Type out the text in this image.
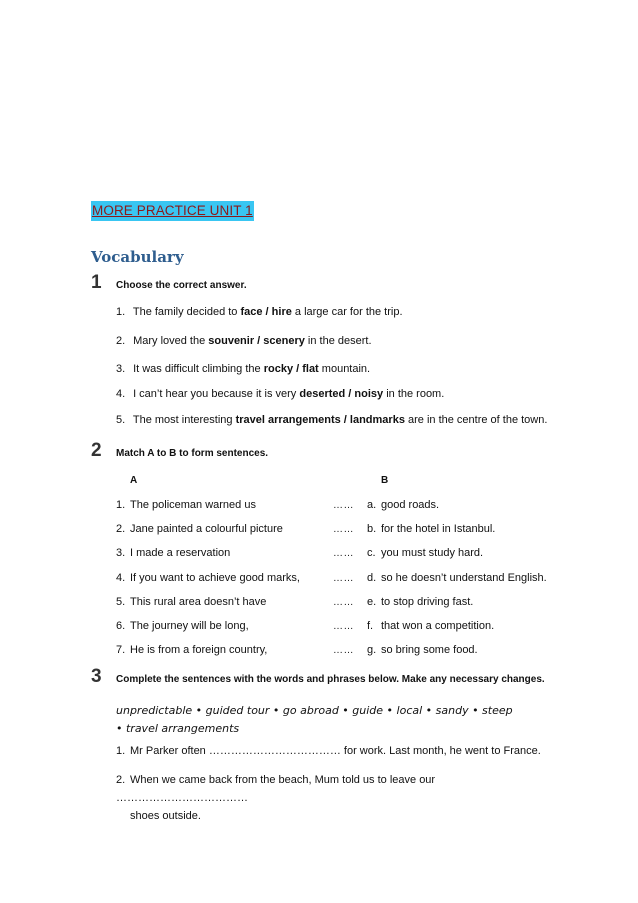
MORE PRACTICE UNIT 1
Vocabulary
1 Choose the correct answer.
1. The family decided to face / hire a large car for the trip.
2. Mary loved the souvenir / scenery in the desert.
3. It was difficult climbing the rocky / flat mountain.
4. I can’t hear you because it is very deserted / noisy in the room.
5. The most interesting travel arrangements / landmarks are in the centre of the town.
2 Match A to B to form sentences.
A	B
1. The policeman warned us	…… a. good roads.
2. Jane painted a colourful picture	…… b. for the hotel in Istanbul.
3. I made a reservation	…… c. you must study hard.
4. If you want to achieve good marks,	…… d. so he doesn’t understand English.
5. This rural area doesn’t have	…… e. to stop driving fast.
6. The journey will be long,	…… f. that won a competition.
7. He is from a foreign country,	…… g. so bring some food.
3 Complete the sentences with the words and phrases below. Make any necessary changes.
unpredictable • guided tour • go abroad • guide • local • sandy • steep • travel arrangements
1. Mr Parker often ……………………………… for work. Last month, he went to France.
2. When we came back from the beach, Mum told us to leave our ………………………………
shoes outside.
